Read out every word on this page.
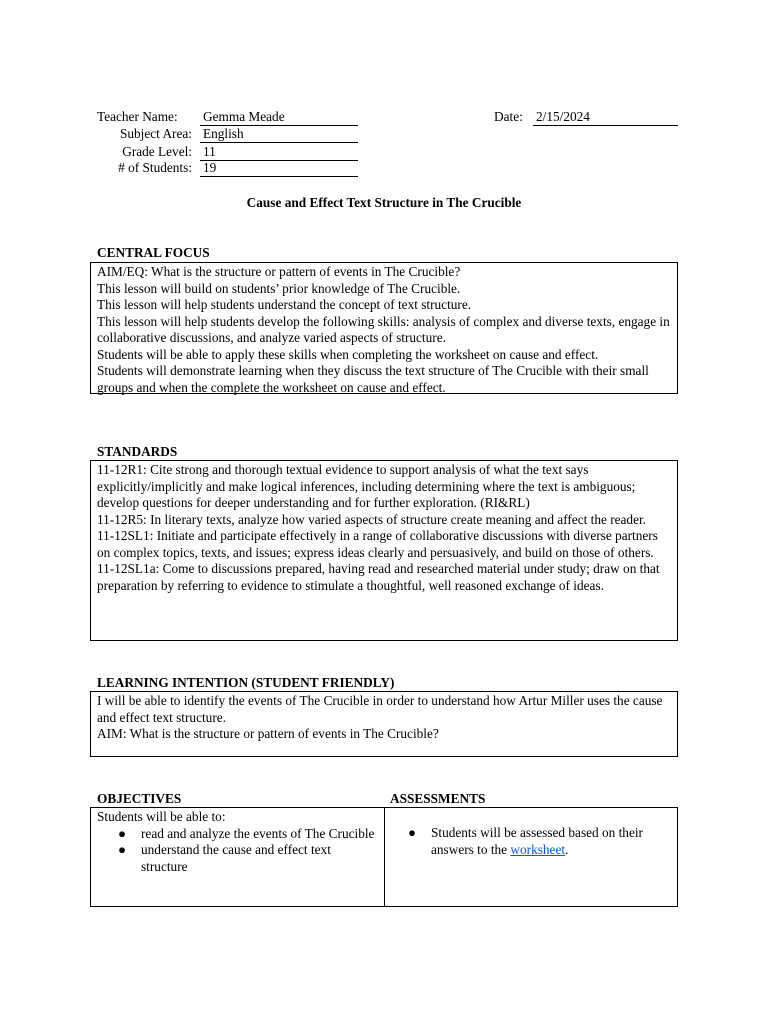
Teacher Name: Gemma Meade
Subject Area: English
Grade Level: 11
# of Students: 19
Date: 2/15/2024
Cause and Effect Text Structure in The Crucible
CENTRAL FOCUS

AIM/EQ: What is the structure or pattern of events in The Crucible?

This lesson will build on students’ prior knowledge of The Crucible.

This lesson will help students understand the concept of text structure.

This lesson will help students develop the following skills: analysis of complex and diverse texts, engage in collaborative discussions, and analyze varied aspects of structure.

Students will be able to apply these skills when completing the worksheet on cause and effect.

Students will demonstrate learning when they discuss the text structure of The Crucible with their small groups and when the complete the worksheet on cause and effect.

STANDARDS

11-12R1: Cite strong and thorough textual evidence to support analysis of what the text says explicitly/implicitly and make logical inferences, including determining where the text is ambiguous; develop questions for deeper understanding and for further exploration. (RI&RL)

11-12R5: In literary texts, analyze how varied aspects of structure create meaning and affect the reader.

11-12SL1: Initiate and participate effectively in a range of collaborative discussions with diverse partners on complex topics, texts, and issues; express ideas clearly and persuasively, and build on those of others.

11-12SL1a: Come to discussions prepared, having read and researched material under study; draw on that preparation by referring to evidence to stimulate a thoughtful, well reasoned exchange of ideas.

LEARNING INTENTION (STUDENT FRIENDLY)

I will be able to identify the events of The Crucible in order to understand how Artur Miller uses the cause and effect text structure.

AIM: What is the structure or pattern of events in The Crucible?

OBJECTIVES	ASSESSMENTS
Students will be able to:
● read and analyze the events of The Crucible
● understand the cause and effect text structure
● Students will be assessed based on their answers to the worksheet.
